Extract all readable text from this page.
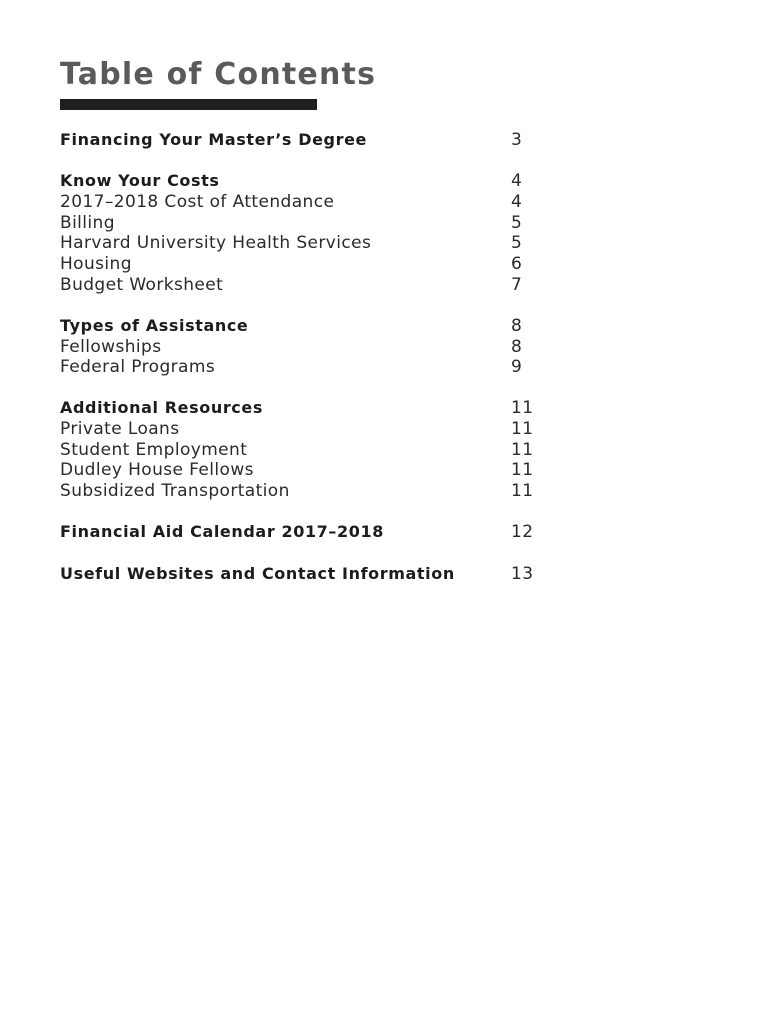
Table of Contents
Financing Your Master’s Degree	3
Know Your Costs	4
2017–2018 Cost of Attendance	4
Billing	5
Harvard University Health Services	5
Housing	6
Budget Worksheet	7
Types of Assistance	8
Fellowships	8
Federal Programs	9
Additional Resources	11
Private Loans	11
Student Employment	11
Dudley House Fellows	11
Subsidized Transportation	11
Financial Aid Calendar 2017–2018	12
Useful Websites and Contact Information	13
